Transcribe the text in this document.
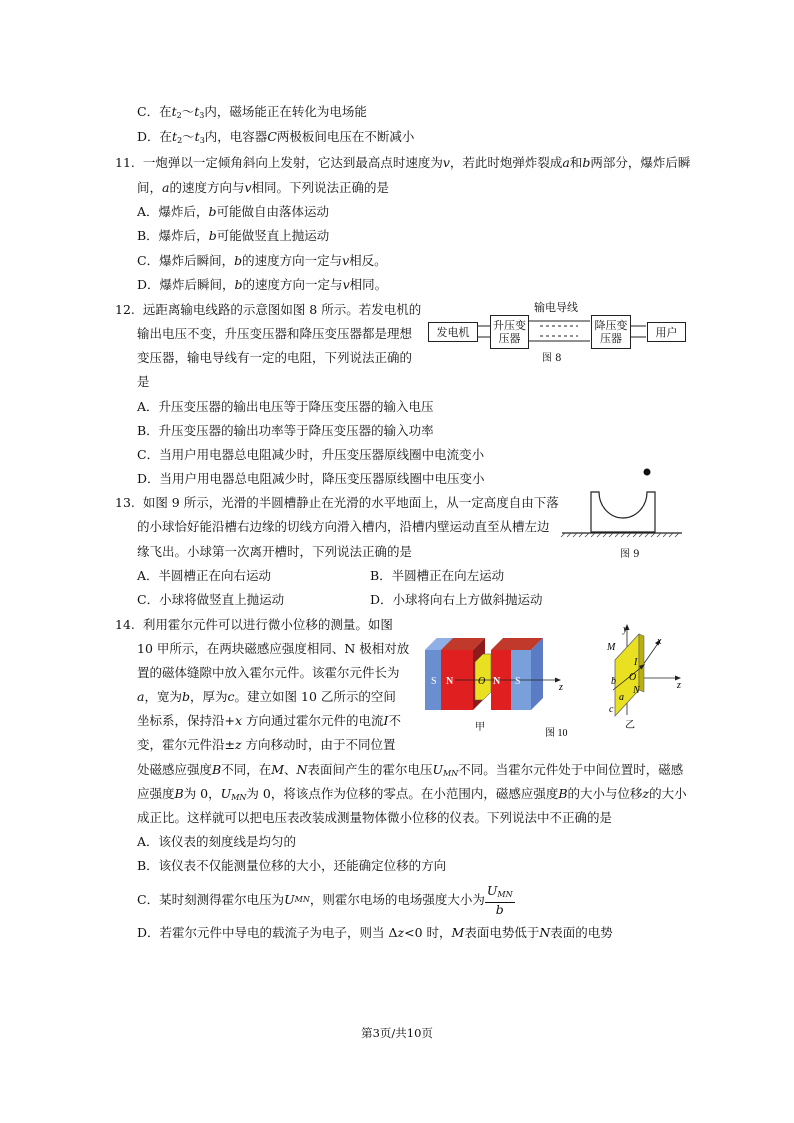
C．在$t_2\sim t_3$内，磁场能正在转化为电场能
D．在$t_2\sim t_3$内，电容器C两极板间电压在不断减小
11.  一炮弹以一定倾角斜向上发射，它达到最高点时速度为v，若此时炮弹炸裂成a和b两部分，爆炸后瞬
间，a的速度方向与v相同。下列说法正确的是
A．爆炸后，b可能做自由落体运动
B．爆炸后，b可能做竖直上抛运动
C．爆炸后瞬间，b的速度方向一定与v相反。
D．爆炸后瞬间，b的速度方向一定与v相同。
12.  远距离输电线路的示意图如图 8 所示。若发电机的
输出电压不变，升压变压器和降压变压器都是理想
变压器，输电导线有一定的电阻，下列说法正确的
是
A．升压变压器的输出电压等于降压变压器的输入电压
B．升压变压器的输出功率等于降压变压器的输入功率
C．当用户用电器总电阻减少时，升压变压器原线圈中电流变小
D．当用户用电器总电阻减少时，降压变压器原线圈中电压变小
输电导线
发电机	升压变
压器
降压变
压器	用户
图 8
13.  如图 9 所示，光滑的半圆槽静止在光滑的水平地面上，从一定高度自由下落
的小球恰好能沿槽右边缘的切线方向滑入槽内，沿槽内壁运动直至从槽左边
缘飞出。小球第一次离开槽时，下列说法正确的是
A．半圆槽正在向右运动	B．半圆槽正在向左运动
C．小球将做竖直上抛运动	D．小球将向右上方做斜抛运动
图 9
14.  利用霍尔元件可以进行微小位移的测量。如图
10 甲所示，在两块磁感应强度相同、N 极相对放
置的磁体缝隙中放入霍尔元件。该霍尔元件长为
a，宽为b，厚为c。建立如图 10 乙所示的空间
坐标系，保持沿+x 方向通过霍尔元件的电流I不
变，霍尔元件沿±z 方向移动时，由于不同位置
处磁感应强度B不同，在M、N表面间产生的霍尔电压$U_{MN}$不同。当霍尔元件处于中间位置时，磁感
应强度B为 0，$U_{MN}$为 0，将该点作为位移的零点。在小范围内，磁感应强度B的大小与位移z的大小
成正比。这样就可以把电压表改装成测量物体微小位移的仪表。下列说法中不正确的是
A．该仪表的刻度线是均匀的
B．该仪表不仅能测量位移的大小，还能确定位移的方向
C．某时刻测得霍尔电压为 U MN ，则霍尔电场的电场强度大小为 $\frac{U_{MN}}{b}$
D．若霍尔元件中导电的载流子为电子，则当 Δz<0 时，M表面电势低于N表面的电势
S N O N S
z
甲
图 10
y
x
M
I
O
z
b
N
a
c
乙
第3页/共10页
